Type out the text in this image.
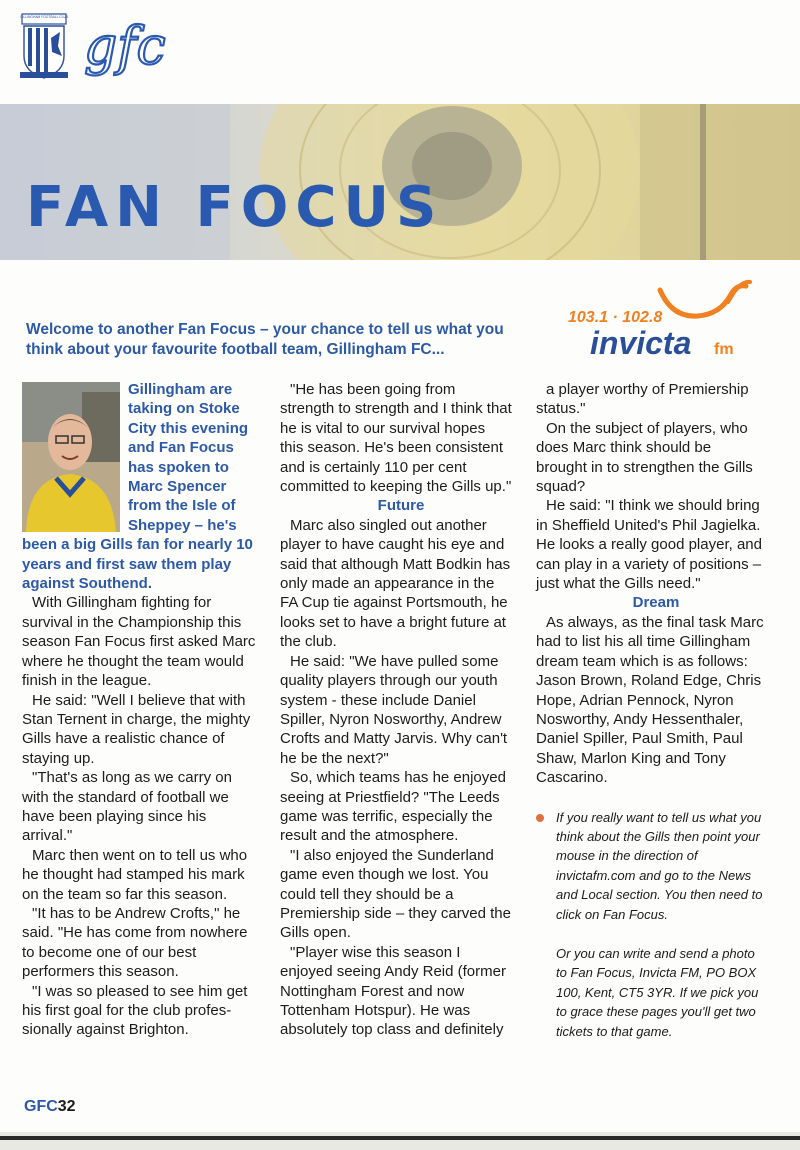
GILLINGHAM FOOTBALL CLUB gfc
FAN FOCUS
103.1 · 102.8
invicta fm

Welcome to another Fan Focus – your chance to tell us what you think about your favourite football team, Gillingham FC...

Gillingham are taking on Stoke City this evening and Fan Focus has spoken to Marc Spencer from the Isle of Sheppey – he's been a big Gills fan for nearly 10 years and first saw them play against Southend.

With Gillingham fighting for survival in the Championship this season Fan Focus first asked Marc where he thought the team would finish in the league.

He said: "Well I believe that with Stan Ternent in charge, the mighty Gills have a realistic chance of staying up.

"That's as long as we carry on with the standard of football we have been playing since his arrival."

Marc then went on to tell us who he thought had stamped his mark on the team so far this season.

"It has to be Andrew Crofts," he said. "He has come from nowhere to become one of our best performers this season.

"I was so pleased to see him get his first goal for the club profes-sionally against Brighton.

"He has been going from strength to strength and I think that he is vital to our survival hopes this season. He's been consistent and is certainly 110 per cent committed to keeping the Gills up."

Future

Marc also singled out another player to have caught his eye and said that although Matt Bodkin has only made an appearance in the FA Cup tie against Portsmouth, he looks set to have a bright future at the club.

He said: "We have pulled some quality players through our youth system - these include Daniel Spiller, Nyron Nosworthy, Andrew Crofts and Matty Jarvis. Why can't he be the next?"

So, which teams has he enjoyed seeing at Priestfield? "The Leeds game was terrific, especially the result and the atmosphere.

"I also enjoyed the Sunderland game even though we lost. You could tell they should be a Premiership side – they carved the Gills open.

"Player wise this season I enjoyed seeing Andy Reid (former Nottingham Forest and now Tottenham Hotspur). He was absolutely top class and definitely

a player worthy of Premiership status."

On the subject of players, who does Marc think should be brought in to strengthen the Gills squad?

He said: "I think we should bring in Sheffield United's Phil Jagielka. He looks a really good player, and can play in a variety of positions – just what the Gills need."

Dream

As always, as the final task Marc had to list his all time Gillingham dream team which is as follows: Jason Brown, Roland Edge, Chris Hope, Adrian Pennock, Nyron Nosworthy, Andy Hessenthaler, Daniel Spiller, Paul Smith, Paul Shaw, Marlon King and Tony Cascarino.

If you really want to tell us what you think about the Gills then point your mouse in the direction of invictafm.com and go to the News and Local section. You then need to click on Fan Focus.

Or you can write and send a photo to Fan Focus, Invicta FM, PO BOX 100, Kent, CT5 3YR. If we pick you to grace these pages you'll get two tickets to that game.

GFC32
